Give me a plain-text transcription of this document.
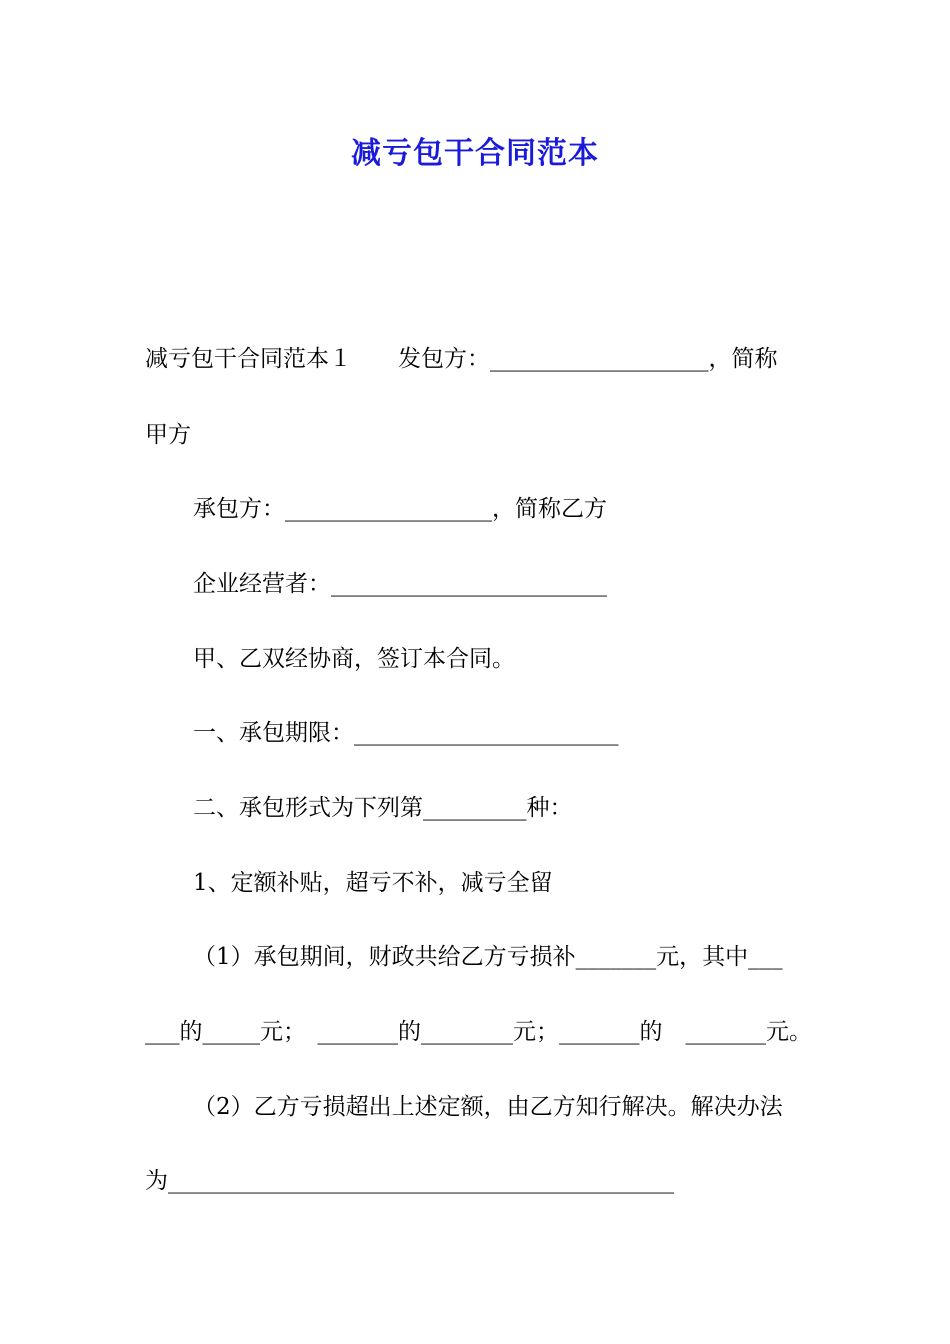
减亏包干合同范本
减亏包干合同范本１　　发包方：___________________，简称
甲方
承包方：__________________，简称乙方
企业经营者：________________________
甲、乙双经协商，签订本合同。
一、承包期限：_______________________
二、承包形式为下列第_________种：
1、定额补贴，超亏不补，减亏全留
（1）承包期间，财政共给乙方亏损补_______元，其中___
___的_____元；　_______的________元；_______的　_______元。
（2）乙方亏损超出上述定额，由乙方知行解决。解决办法
为____________________________________________
